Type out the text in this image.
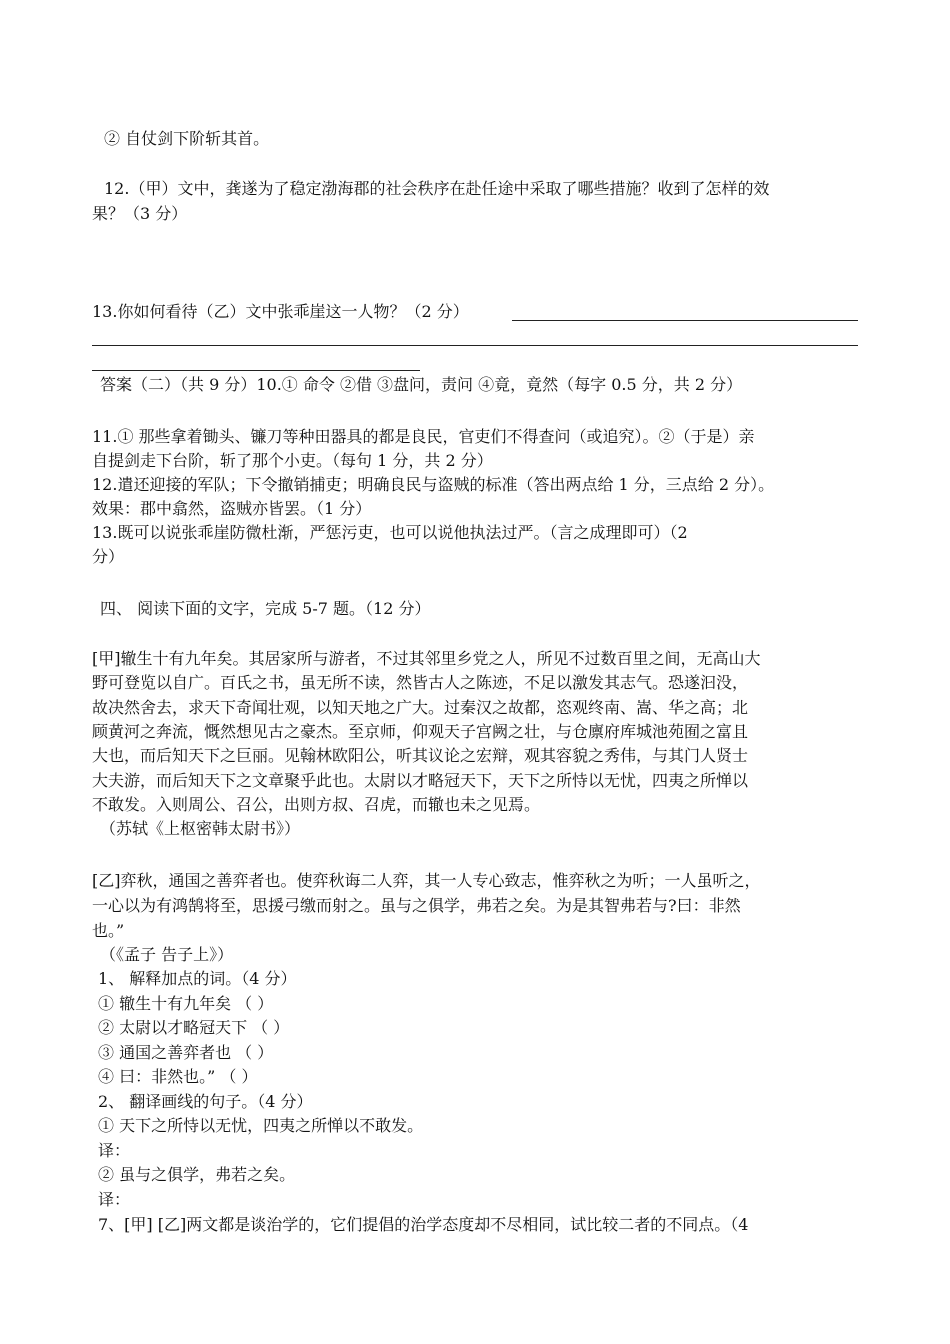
② 自仗剑下阶斩其首。
12.（甲）文中，龚遂为了稳定渤海郡的社会秩序在赴任途中采取了哪些措施？收到了怎样的效
果？（3 分）
13.你如何看待（乙）文中张乖崖这一人物？（2 分）
答案（二）（共 9 分）10.① 命令 ②借 ③盘问，责问 ④竟，竟然（每字 0.5 分，共 2 分）
11.① 那些拿着锄头、镰刀等种田器具的都是良民，官吏们不得查问（或追究）。②（于是）亲
自提剑走下台阶，斩了那个小吏。（每句 1 分，共 2 分）
12.遣还迎接的军队；下令撤销捕吏；明确良民与盗贼的标准（答出两点给 1 分，三点给 2 分）。
效果：郡中翕然，盗贼亦皆罢。（1 分）
13.既可以说张乖崖防微杜渐，严惩污吏，也可以说他执法过严。（言之成理即可）（2
分）
四、 阅读下面的文字，完成 5-7 题。（12 分）
[甲]辙生十有九年矣。其居家所与游者，不过其邻里乡党之人，所见不过数百里之间，无高山大
野可登览以自广。百氏之书，虽无所不读，然皆古人之陈迹，不足以激发其志气。恐遂汩没，
故决然舍去，求天下奇闻壮观，以知天地之广大。过秦汉之故都，恣观终南、嵩、华之高；北
顾黄河之奔流，慨然想见古之豪杰。至京师，仰观天子宫阙之壮，与仓廪府库城池苑囿之富且
大也，而后知天下之巨丽。见翰林欧阳公，听其议论之宏辩，观其容貌之秀伟，与其门人贤士
大夫游，而后知天下之文章聚乎此也。太尉以才略冠天下，天下之所恃以无忧，四夷之所惮以
不敢发。入则周公、召公，出则方叔、召虎，而辙也未之见焉。
（苏轼《上枢密韩太尉书》）
[乙]弈秋，通国之善弈者也。使弈秋诲二人弈，其一人专心致志，惟弈秋之为听；一人虽听之，
一心以为有鸿鹄将至，思援弓缴而射之。虽与之俱学，弗若之矣。为是其智弗若与?曰：非然
也。”
（《孟子 告子上》）
1、 解释加点的词。（4 分）
① 辙生十有九年矣 （ ）
② 太尉以才略冠天下 （ ）
③ 通国之善弈者也 （ ）
④ 曰：非然也。” （ ）
2、 翻译画线的句子。（4 分）
① 天下之所恃以无忧，四夷之所惮以不敢发。
译：
② 虽与之俱学，弗若之矣。
译：
7、[甲] [乙]两文都是谈治学的，它们提倡的治学态度却不尽相同，试比较二者的不同点。（4
